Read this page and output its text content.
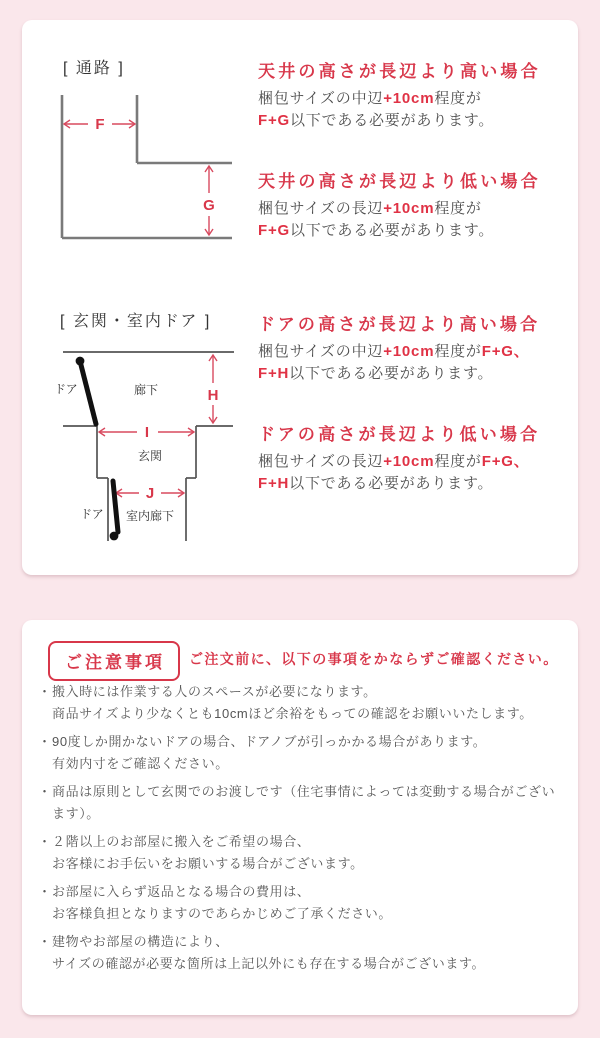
[ 通路 ]
F
G
天井の高さが長辺より高い場合

梱包サイズの中辺+10cm程度が
F+G以下である必要があります。

天井の高さが長辺より低い場合

梱包サイズの長辺+10cm程度が
F+G以下である必要があります。

[ 玄関・室内ドア ]
ドア	廊下	H
I
玄関
J
ドア 室内廊下
ドアの高さが長辺より高い場合

梱包サイズの中辺+10cm程度がF+G、
F+H以下である必要があります。

ドアの高さが長辺より低い場合

梱包サイズの長辺+10cm程度がF+G、
F+H以下である必要があります。

ご注意事項	ご注文前に、以下の事項をかならずご確認ください。
・ 搬入時には作業する人のスペースが必要になります。
商品サイズより少なくとも10cmほど余裕をもっての確認をお願いいたします。
・ 90度しか開かないドアの場合、ドアノブが引っかかる場合があります。
有効内寸をご確認ください。
・ 商品は原則として玄関でのお渡しです（住宅事情によっては変動する場合がございます）。
・ ２階以上のお部屋に搬入をご希望の場合、
お客様にお手伝いをお願いする場合がございます。
・ お部屋に入らず返品となる場合の費用は、
お客様負担となりますのであらかじめご了承ください。
・ 建物やお部屋の構造により、
サイズの確認が必要な箇所は上記以外にも存在する場合がございます。
